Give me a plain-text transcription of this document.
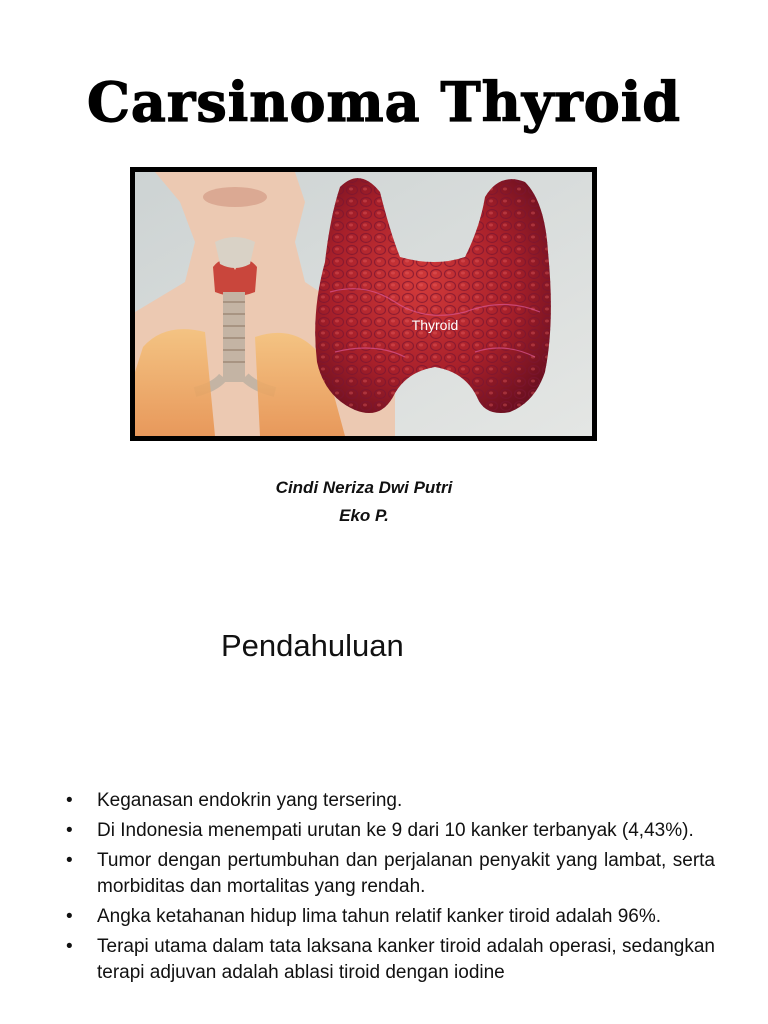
Carsinoma Thyroid
Thyroid
Cindi Neriza Dwi Putri
Eko P.
Pendahuluan
• Keganasan endokrin yang tersering.
• Di Indonesia menempati urutan ke 9 dari 10 kanker terbanyak (4,43%).
• Tumor dengan pertumbuhan dan perjalanan penyakit yang lambat, serta morbiditas dan mortalitas yang rendah.
• Angka ketahanan hidup lima tahun relatif kanker tiroid adalah 96%.
• Terapi utama dalam tata laksana kanker tiroid adalah operasi, sedangkan terapi adjuvan adalah ablasi tiroid dengan iodine
